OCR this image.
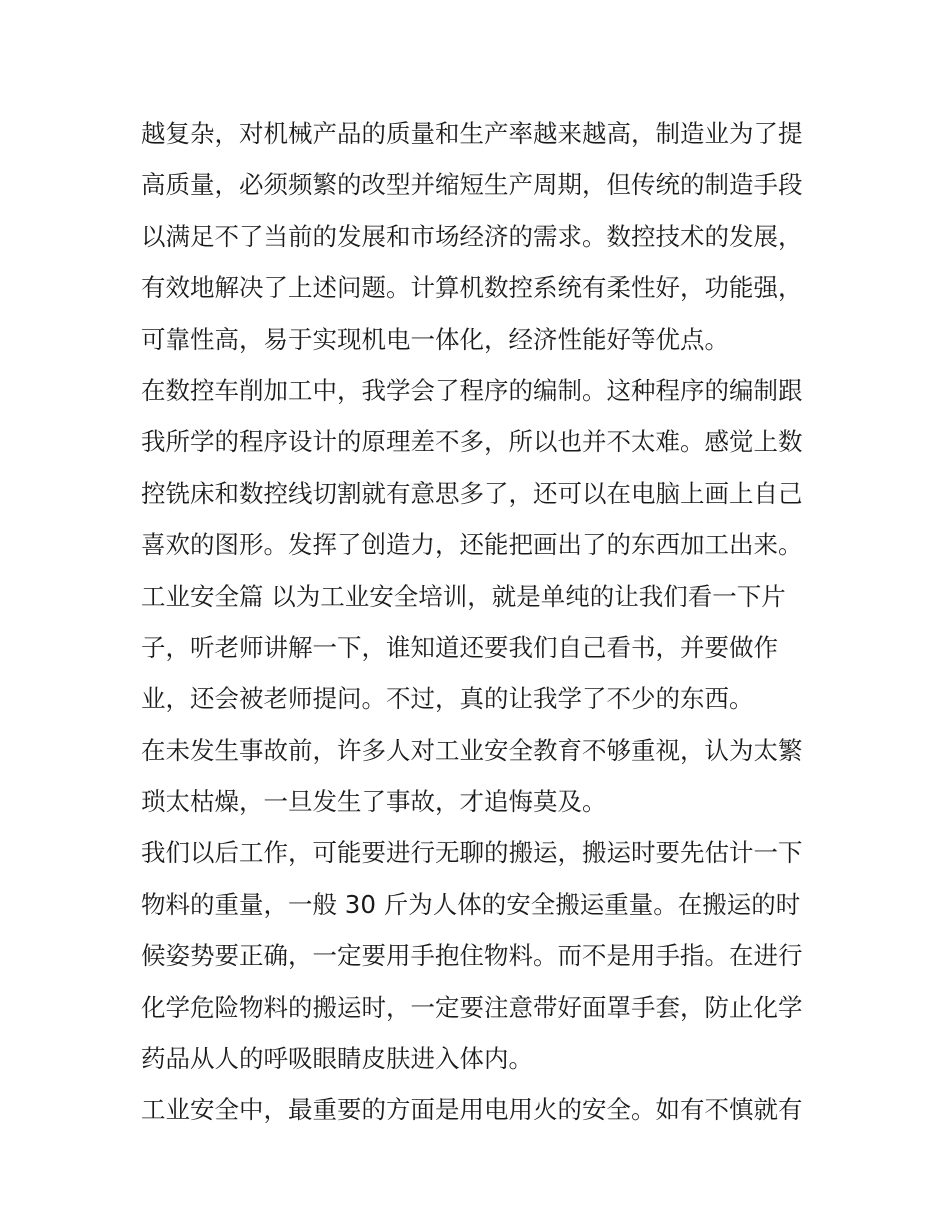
越复杂，对机械产品的质量和生产率越来越高，制造业为了提
高质量，必须频繁的改型并缩短生产周期，但传统的制造手段
以满足不了当前的发展和市场经济的需求。数控技术的发展，
有效地解决了上述问题。计算机数控系统有柔性好，功能强，
可靠性高，易于实现机电一体化，经济性能好等优点。
在数控车削加工中，我学会了程序的编制。这种程序的编制跟
我所学的程序设计的原理差不多，所以也并不太难。感觉上数
控铣床和数控线切割就有意思多了，还可以在电脑上画上自己
喜欢的图形。发挥了创造力，还能把画出了的东西加工出来。
工业安全篇 以为工业安全培训，就是单纯的让我们看一下片
子，听老师讲解一下，谁知道还要我们自己看书，并要做作
业，还会被老师提问。不过，真的让我学了不少的东西。
在未发生事故前，许多人对工业安全教育不够重视，认为太繁
琐太枯燥，一旦发生了事故，才追悔莫及。
我们以后工作，可能要进行无聊的搬运，搬运时要先估计一下
物料的重量，一般 30 斤为人体的安全搬运重量。在搬运的时
候姿势要正确，一定要用手抱住物料。而不是用手指。在进行
化学危险物料的搬运时，一定要注意带好面罩手套，防止化学
药品从人的呼吸眼睛皮肤进入体内。
工业安全中，最重要的方面是用电用火的安全。如有不慎就有
